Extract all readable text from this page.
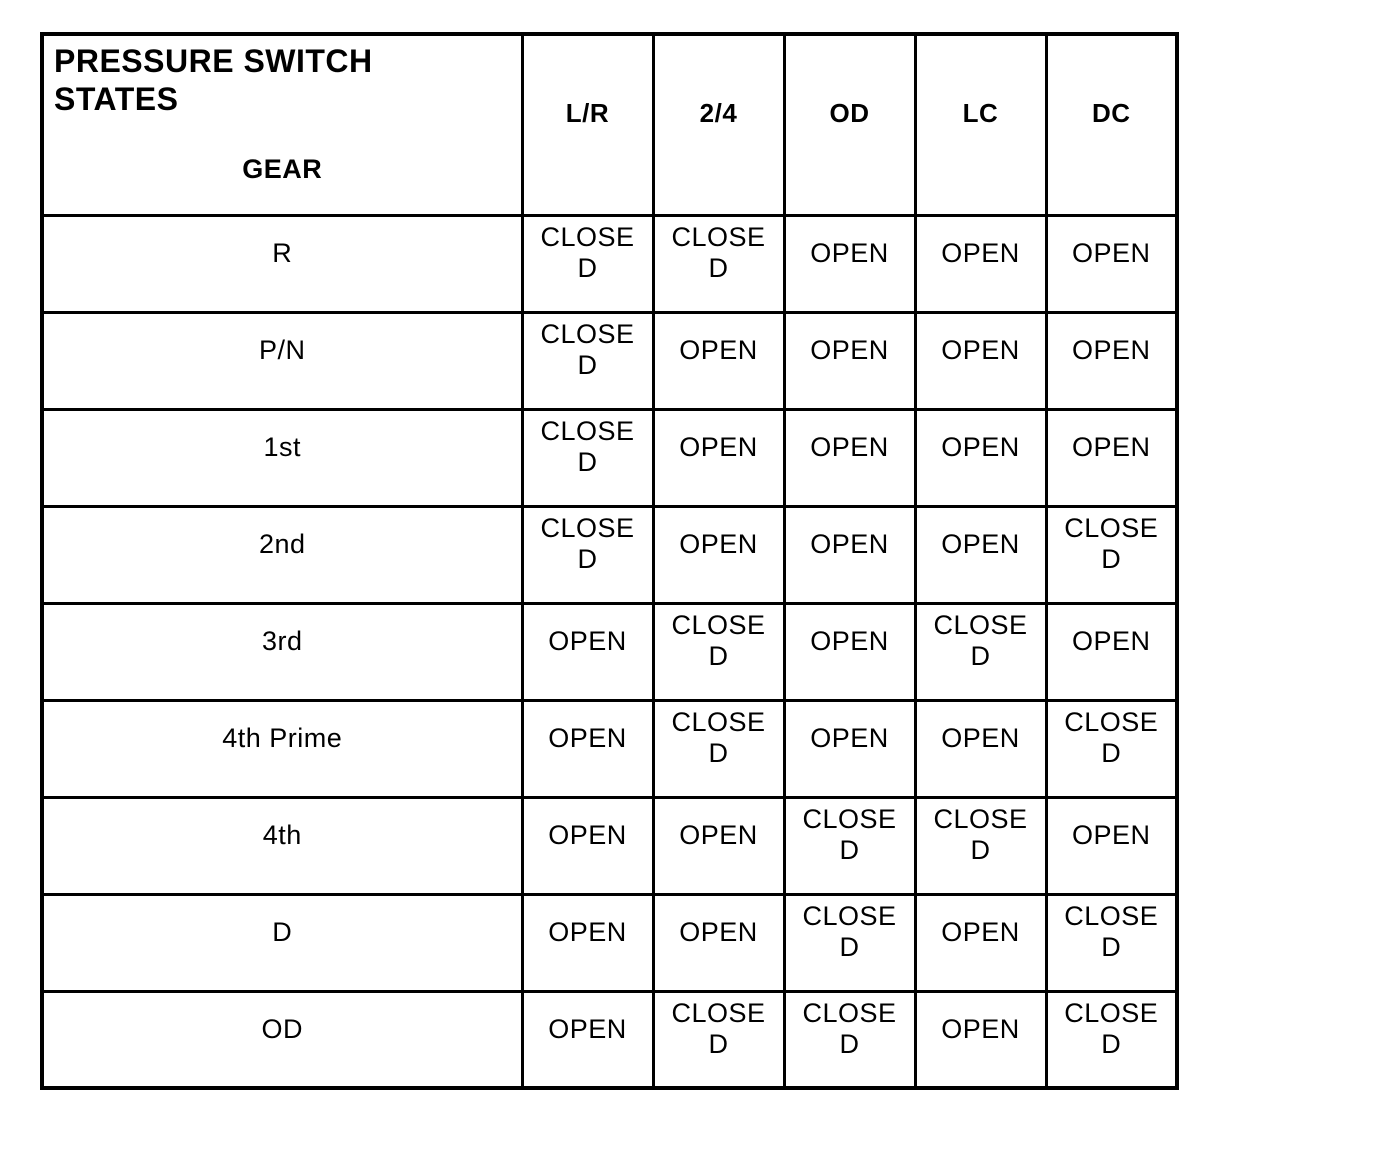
PRESSURE SWITCH STATES
GEAR	L/R	2/4	OD	LC	DC

R	CLOSED	CLOSED	OPEN	OPEN	OPEN

P/N	CLOSED	OPEN	OPEN	OPEN	OPEN

1st	CLOSED	OPEN	OPEN	OPEN	OPEN

2nd	CLOSED	OPEN	OPEN	OPEN	CLOSED

3rd	OPEN	CLOSED	OPEN	CLOSED	OPEN

4th Prime	OPEN	CLOSED	OPEN	OPEN	CLOSED

4th	OPEN	OPEN	CLOSED	CLOSED	OPEN

D	OPEN	OPEN	CLOSED	OPEN	CLOSED

OD	OPEN	CLOSED	CLOSED	OPEN	CLOSED
